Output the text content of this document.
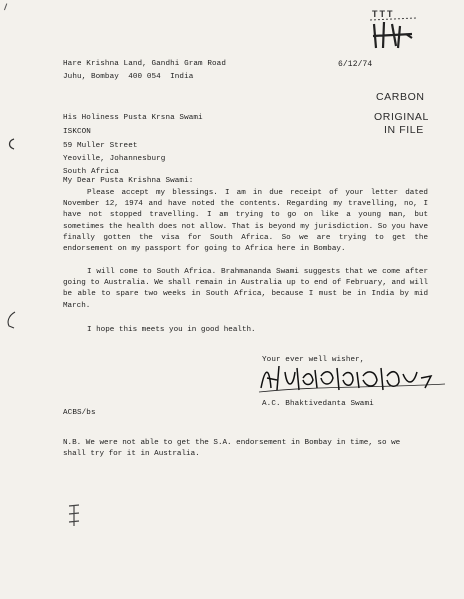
TTT
Hare Krishna Land, Gandhi Gram Road
Juhu, Bombay  400 054  India
6/12/74
CARBON
ORIGINAL
IN FILE
His Holiness Pusta Krsna Swami
ISKCON
59 Muller Street
Yeoville, Johannesburg
South Africa
My Dear Pusta Krishna Swami:
Please accept my blessings. I am in due receipt of your letter dated November 12, 1974 and have noted the contents. Regarding my travelling, no, I have not stopped travelling. I am trying to go on like a young man, but sometimes the health does not allow. That is beyond my jurisdiction. So you have finally gotten the visa for South Africa. So we are trying to get the endorsement on my passport for going to Africa here in Bombay.
I will come to South Africa. Brahmananda Swami suggests that we come after going to Australia. We shall remain in Australia up to end of February, and will be able to spare two weeks in South Africa, because I must be in India by mid March.
I hope this meets you in good health.
Your ever well wisher,
A.C. Bhaktivedanta Swami
ACBS/bs
N.B. We were not able to get the S.A. endorsement in Bombay in time, so we shall try for it in Australia.
